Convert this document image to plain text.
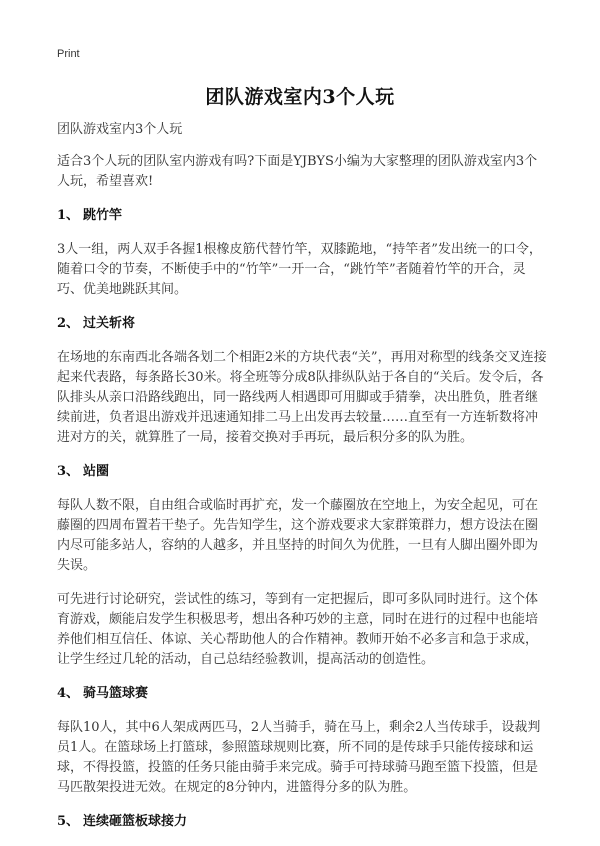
Print
团队游戏室内3个人玩

团队游戏室内3个人玩

适合3个人玩的团队室内游戏有吗?下面是YJBYS小编为大家整理的团队游戏室内3个人玩，希望喜欢!

1、 跳竹竿

3人一组，两人双手各握1根橡皮筋代替竹竿，双膝跪地，“持竿者”发出统一的口令，随着口令的节奏，不断使手中的“竹竿”一开一合，“跳竹竿”者随着竹竿的开合，灵巧、优美地跳跃其间。

2、 过关斩将

在场地的东南西北各端各划二个相距2米的方块代表“关”，再用对称型的线条交叉连接起来代表路，每条路长30米。将全班等分成8队排纵队站于各自的“关后。发令后，各队排头从亲口沿路线跑出，同一路线两人相遇即可用脚或手猜拳，决出胜负，胜者继续前进，负者退出游戏并迅速通知排二马上出发再去较量……直至有一方连斩数将冲进对方的关，就算胜了一局，接着交换对手再玩，最后积分多的队为胜。

3、 站圈

每队人数不限，自由组合或临时再扩充，发一个藤圈放在空地上，为安全起见，可在藤圈的四周布置若干垫子。先告知学生，这个游戏要求大家群策群力，想方设法在圈内尽可能多站人，容纳的人越多，并且坚持的时间久为优胜，一旦有人脚出圈外即为失误。

可先进行讨论研究，尝试性的练习，等到有一定把握后，即可多队同时进行。这个体育游戏，颇能启发学生积极思考，想出各种巧妙的主意，同时在进行的过程中也能培养他们相互信任、体谅、关心帮助他人的合作精神。教师开始不必多言和急于求成，让学生经过几轮的活动，自己总结经验教训，提高活动的创造性。

4、 骑马篮球赛

每队10人，其中6人架成两匹马，2人当骑手，骑在马上，剩余2人当传球手，设裁判员1人。在篮球场上打篮球，参照篮球规则比赛，所不同的是传球手只能传接球和运球，不得投篮，投篮的任务只能由骑手来完成。骑手可持球骑马跑至篮下投篮，但是马匹散架投进无效。在规定的8分钟内，进篮得分多的队为胜。

5、 连续砸篮板球接力
